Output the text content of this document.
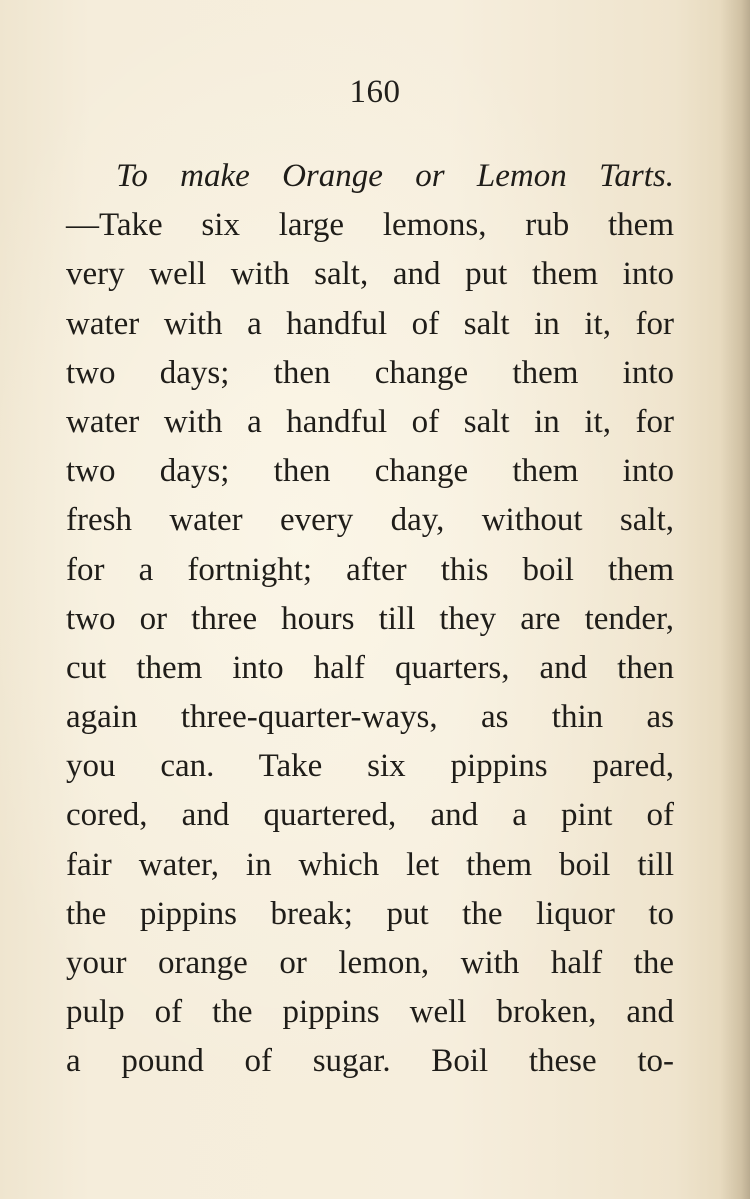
160
To make Orange or Lemon Tarts.
—Take six large lemons, rub them
very well with salt, and put them into
water with a handful of salt in it, for
two days; then change them into
water with a handful of salt in it, for
two days; then change them into
fresh water every day, without salt,
for a fortnight; after this boil them
two or three hours till they are tender,
cut them into half quarters, and then
again three-quarter-ways, as thin as
you can. Take six pippins pared,
cored, and quartered, and a pint of
fair water, in which let them boil till
the pippins break; put the liquor to
your orange or lemon, with half the
pulp of the pippins well broken, and
a pound of sugar. Boil these to-
